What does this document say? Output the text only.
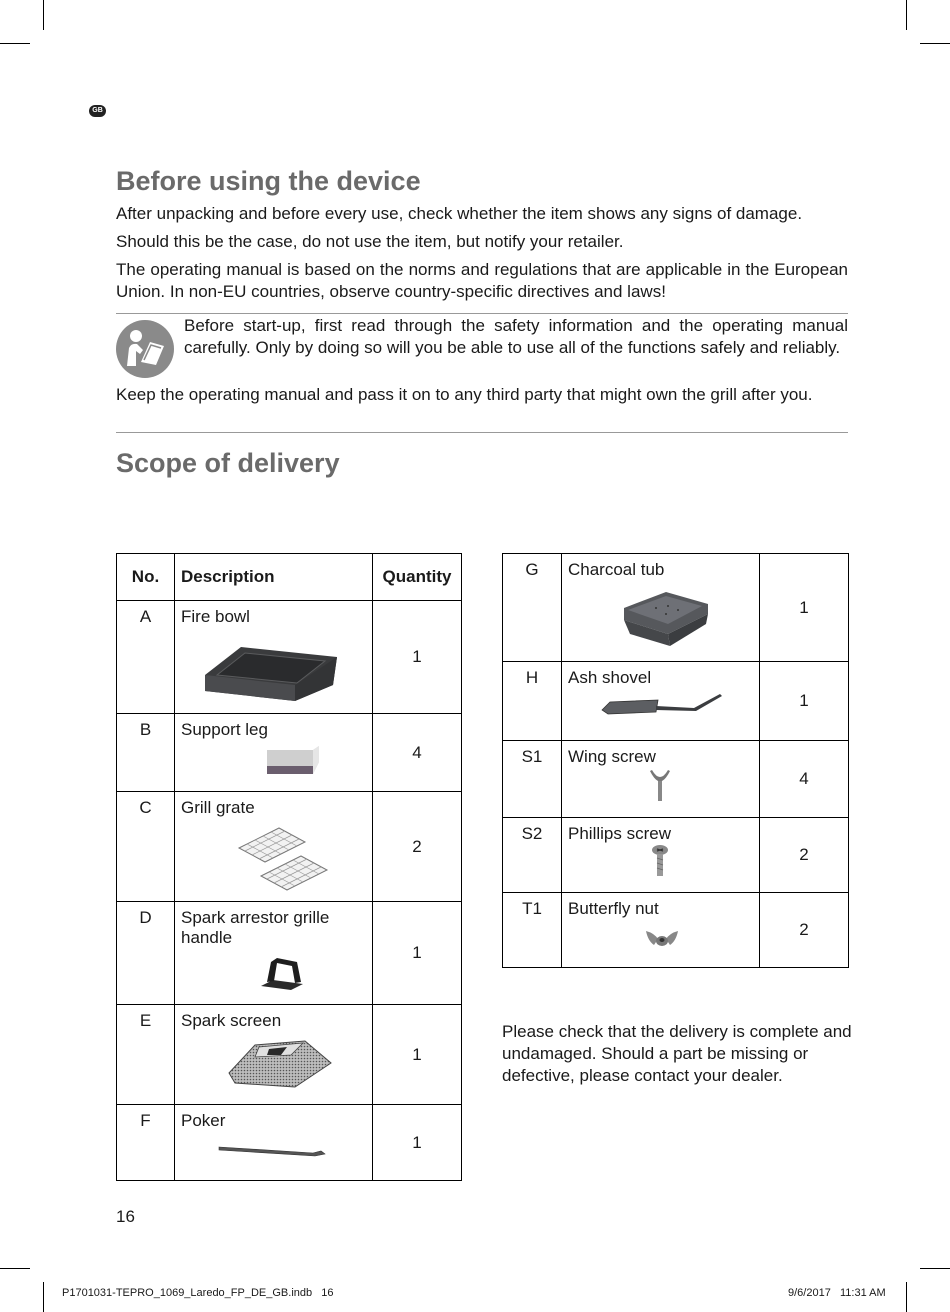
GB
Before using the device

After unpacking and before every use, check whether the item shows any signs of damage.

Should this be the case, do not use the item, but notify your retailer.

The operating manual is based on the norms and regulations that are applicable in the European Union. In non-EU countries, observe country-specific directives and laws!

Before start-up, first read through the safety information and the operating manual carefully. Only by doing so will you be able to use all of the functions safely and reliably.

Keep the operating manual and pass it on to any third party that might own the grill after you.

Scope of delivery
No.	Description	Quantity
A	Fire bowl	1
B	Support leg	4
C	Grill grate	2
D	Spark arrestor grille handle	1
E	Spark screen	1
F	Poker	1
G	Charcoal tub	1
H	Ash shovel	1
S1	Wing screw	4
S2	Phillips screw	2
T1	Butterfly nut	2

Please check that the delivery is complete and undamaged. Should a part be missing or defective, please contact your dealer.

16
P1701031-TEPRO_1069_Laredo_FP_DE_GB.indb   16	9/6/2017   11:31 AM
